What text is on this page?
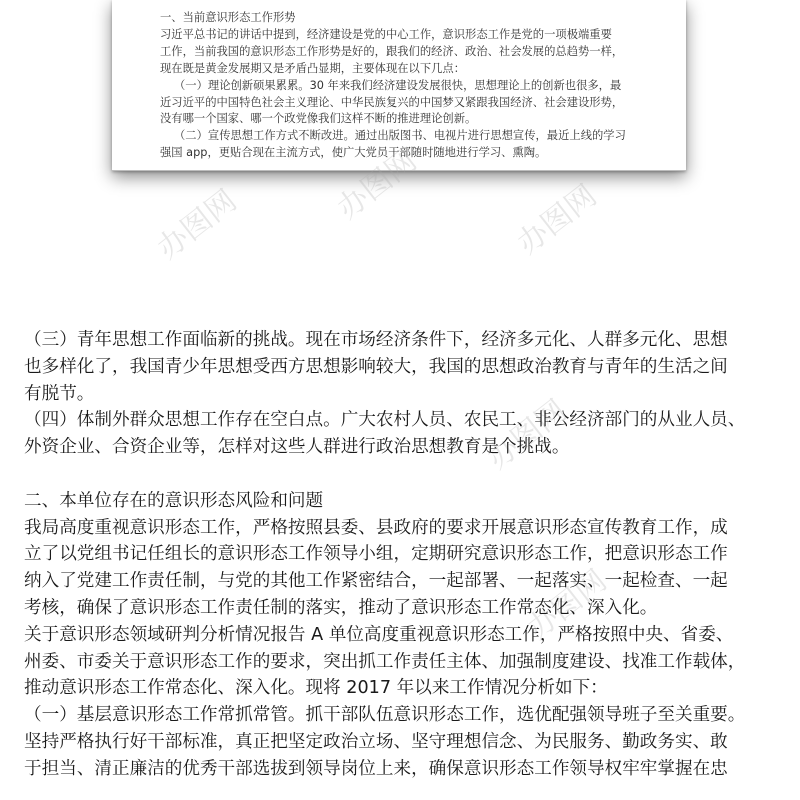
一、当前意识形态工作形势

习近平总书记的讲话中提到，经济建设是党的中心工作，意识形态工作是党的一项极端重要

工作，当前我国的意识形态工作形势是好的，跟我们的经济、政治、社会发展的总趋势一样，

现在既是黄金发展期又是矛盾凸显期，主要体现在以下几点：

（一）理论创新硕果累累。30 年来我们经济建设发展很快，思想理论上的创新也很多，最

近习近平的中国特色社会主义理论、中华民族复兴的中国梦又紧跟我国经济、社会建设形势，

没有哪一个国家、哪一个政党像我们这样不断的推进理论创新。

（二）宣传思想工作方式不断改进。通过出版图书、电视片进行思想宣传，最近上线的学习

强国 app，更贴合现在主流方式，使广大党员干部随时随地进行学习、熏陶。

办图网	办图网
办图网
办图网
办图网

（三）青年思想工作面临新的挑战。现在市场经济条件下，经济多元化、人群多元化、思想

也多样化了，我国青少年思想受西方思想影响较大，我国的思想政治教育与青年的生活之间

有脱节。

（四）体制外群众思想工作存在空白点。广大农村人员、农民工、非公经济部门的从业人员、

外资企业、合资企业等，怎样对这些人群进行政治思想教育是个挑战。

二、本单位存在的意识形态风险和问题

我局高度重视意识形态工作，严格按照县委、县政府的要求开展意识形态宣传教育工作，成

立了以党组书记任组长的意识形态工作领导小组，定期研究意识形态工作，把意识形态工作

纳入了党建工作责任制，与党的其他工作紧密结合，一起部署、一起落实、一起检查、一起

考核，确保了意识形态工作责任制的落实，推动了意识形态工作常态化、深入化。

关于意识形态领域研判分析情况报告 A 单位高度重视意识形态工作，严格按照中央、省委、

州委、市委关于意识形态工作的要求，突出抓工作责任主体、加强制度建设、找准工作载体，

推动意识形态工作常态化、深入化。现将 2017 年以来工作情况分析如下：

（一）基层意识形态工作常抓常管。抓干部队伍意识形态工作，选优配强领导班子至关重要。

坚持严格执行好干部标准，真正把坚定政治立场、坚守理想信念、为民服务、勤政务实、敢

于担当、清正廉洁的优秀干部选拔到领导岗位上来，确保意识形态工作领导权牢牢掌握在忠
